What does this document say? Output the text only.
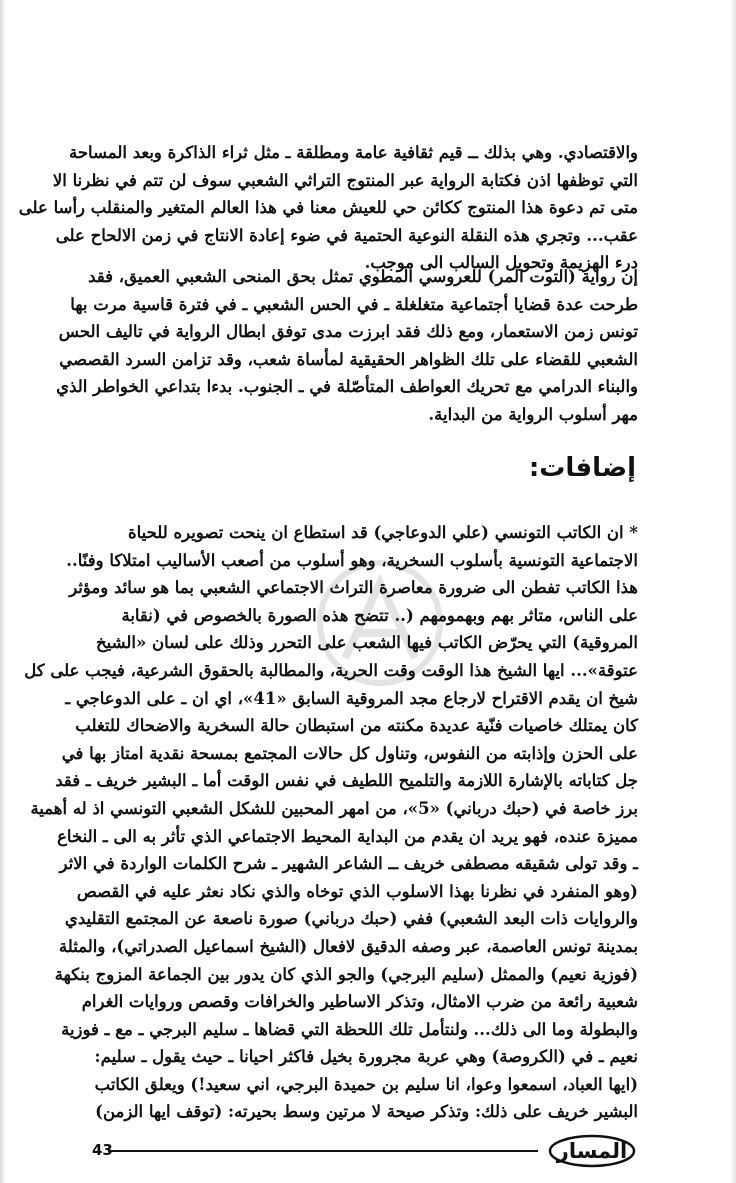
والاقتصادي. وهي بذلك ــ قيم ثقافية عامة ومطلقة ـ مثل ثراء الذاكرة وبعد المساحة
التي توظفها اذن فكتابة الرواية عبر المنتوج التراثي الشعبي سوف لن تتم في نظرنا الا
متى تم دعوة هذا المنتوج ككائن حي للعيش معنا في هذا العالم المتغير والمنقلب رأسا على
عقب... وتجري هذه النقلة النوعية الحتمية في ضوء إعادة الانتاج في زمن الالحاح على
درء الهزيمة وتحويل السالب الى موجب.
إن رواية (التوت المر) للعروسي المطوي تمثل بحق المنحى الشعبي العميق، فقد
طرحت عدة قضايا أجتماعية متغلغلة ـ في الحس الشعبي ـ في فترة قاسية مرت بها
تونس زمن الاستعمار، ومع ذلك فقد ابرزت مدى توفق ابطال الرواية في تاليف الحس
الشعبي للقضاء على تلك الظواهر الحقيقية لمأساة شعب، وقد تزامن السرد القصصي
والبناء الدرامي مع تحريك العواطف المتأصّلة في ـ الجنوب. بدءا بتداعي الخواطر الذي
مهر أسلوب الرواية من البداية.
إضافات:
* ان الكاتب التونسي (علي الدوعاجي) قد استطاع ان ينحت تصويره للحياة
الاجتماعية التونسية بأسلوب السخرية، وهو أسلوب من أصعب الأساليب امتلاكا وفنًا..
هذا الكاتب تفطن الى ضرورة معاصرة التراث الاجتماعي الشعبي بما هو سائد ومؤثر
على الناس، متاثر بهم وبهمومهم (.. تتضح هذه الصورة بالخصوص في (نقابة
المروقية) التي يحرّض الكاتب فيها الشعب على التحرر وذلك على لسان «الشيخ
عتوقة»... ايها الشيخ هذا الوقت وقت الحرية، والمطالبة بالحقوق الشرعية، فيجب على كل
شيخ ان يقدم الاقتراح لارجاع مجد المروقية السابق «41»، اي ان ـ على الدوعاجي ـ
كان يمتلك خاصيات فنّية عديدة مكنته من استبطان حالة السخرية والاضحاك للتغلب
على الحزن وإذابته من النفوس، وتناول كل حالات المجتمع بمسحة نقدية امتاز بها في
جل كتاباته بالإشارة اللازمة والتلميح اللطيف في نفس الوقت أما ـ البشير خريف ـ فقد
برز خاصة في (حبك درباني) «5»، من امهر المحبين للشكل الشعبي التونسي اذ له أهمية
مميزة عنده، فهو يريد ان يقدم من البداية المحيط الاجتماعي الذي تأثر به الى ـ النخاع
ـ وقد تولى شقيقه مصطفى خريف ــ الشاعر الشهير ـ شرح الكلمات الواردة في الاثر
(وهو المنفرد في نظرنا بهذا الاسلوب الذي توخاه والذي نكاد نعثر عليه في القصص
والروايات ذات البعد الشعبي) ففي (حبك درباني) صورة ناصعة عن المجتمع التقليدي
بمدينة تونس العاصمة، عبر وصفه الدقيق لافعال (الشيخ اسماعيل الصدراتي)، والمثلة
(فوزية نعيم) والممثل (سليم البرجي) والجو الذي كان يدور بين الجماعة المزوج بنكهة
شعبية رائعة من ضرب الامثال، وتذكر الاساطير والخرافات وقصص وروايات الغرام
والبطولة وما الى ذلك... ولنتأمل تلك اللحظة التي قضاها ـ سليم البرجي ـ مع ـ فوزية
نعيم ـ في (الكروصة) وهي عربة مجرورة بخيل فاكثر احيانا ـ حيث يقول ـ سليم:
(ايها العباد، اسمعوا وعوا، انا سليم بن حميدة البرجي، اني سعيد!) ويعلق الكاتب
البشير خريف على ذلك: وتذكر صيحة لا مرتين وسط بحيرته: (توقف ايها الزمن)

43	المسار
